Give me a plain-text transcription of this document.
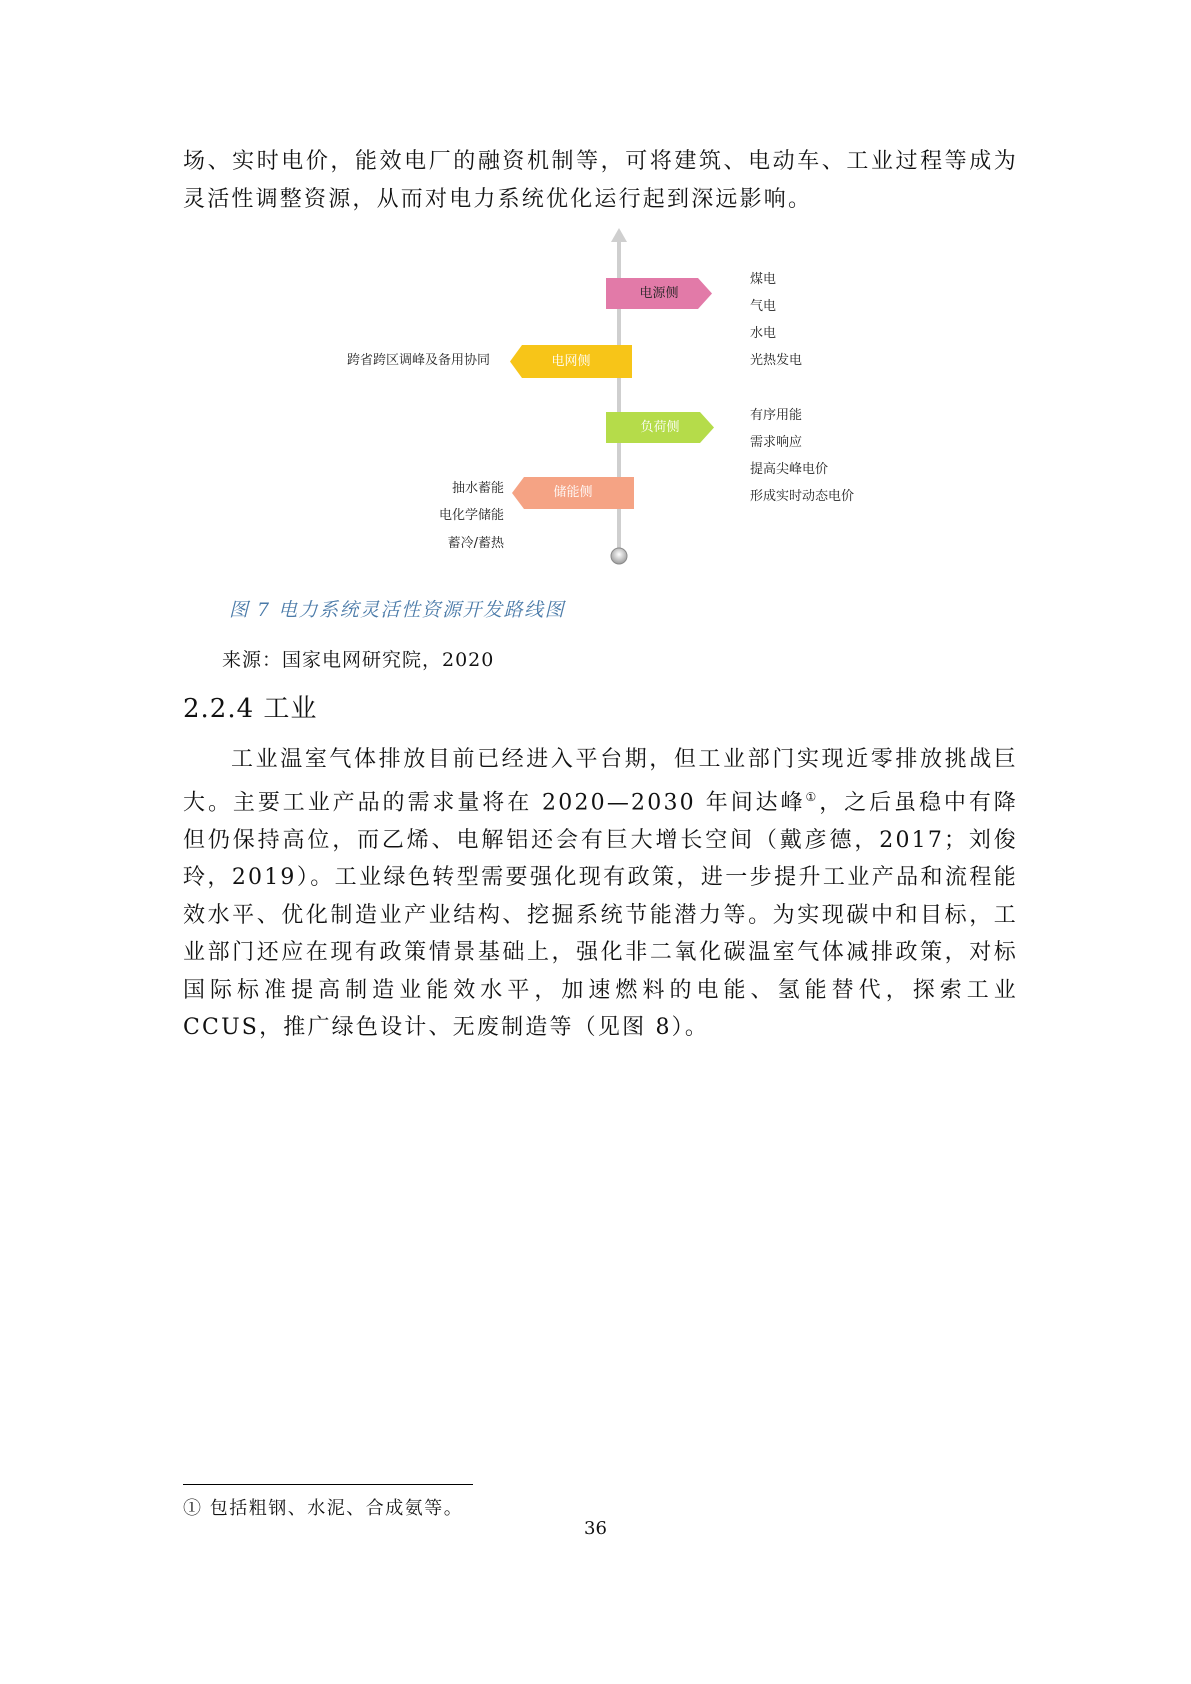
场、实时电价，能效电厂的融资机制等，可将建筑、电动车、工业过程等成为灵活性调整资源，从而对电力系统优化运行起到深远影响。

电源侧
电网侧
负荷侧
储能侧
煤电
气电
水电
光热发电
跨省跨区调峰及备用协同
有序用能
需求响应
提高尖峰电价
形成实时动态电价
抽水蓄能
电化学储能
蓄冷/蓄热
图 7 电力系统灵活性资源开发路线图
来源：国家电网研究院，2020
2.2.4 工业

工业温室气体排放目前已经进入平台期，但工业部门实现近零排放挑战巨大。主要工业产品的需求量将在 2020—2030 年间达峰①，之后虽稳中有降但仍保持高位，而乙烯、电解铝还会有巨大增长空间（戴彦德，2017；刘俊玲，2019）。工业绿色转型需要强化现有政策，进一步提升工业产品和流程能效水平、优化制造业产业结构、挖掘系统节能潜力等。为实现碳中和目标，工业部门还应在现有政策情景基础上，强化非二氧化碳温室气体减排政策，对标国际标准提高制造业能效水平，加速燃料的电能、氢能替代，探索工业 CCUS，推广绿色设计、无废制造等（见图 8）。

① 包括粗钢、水泥、合成氨等。
36
